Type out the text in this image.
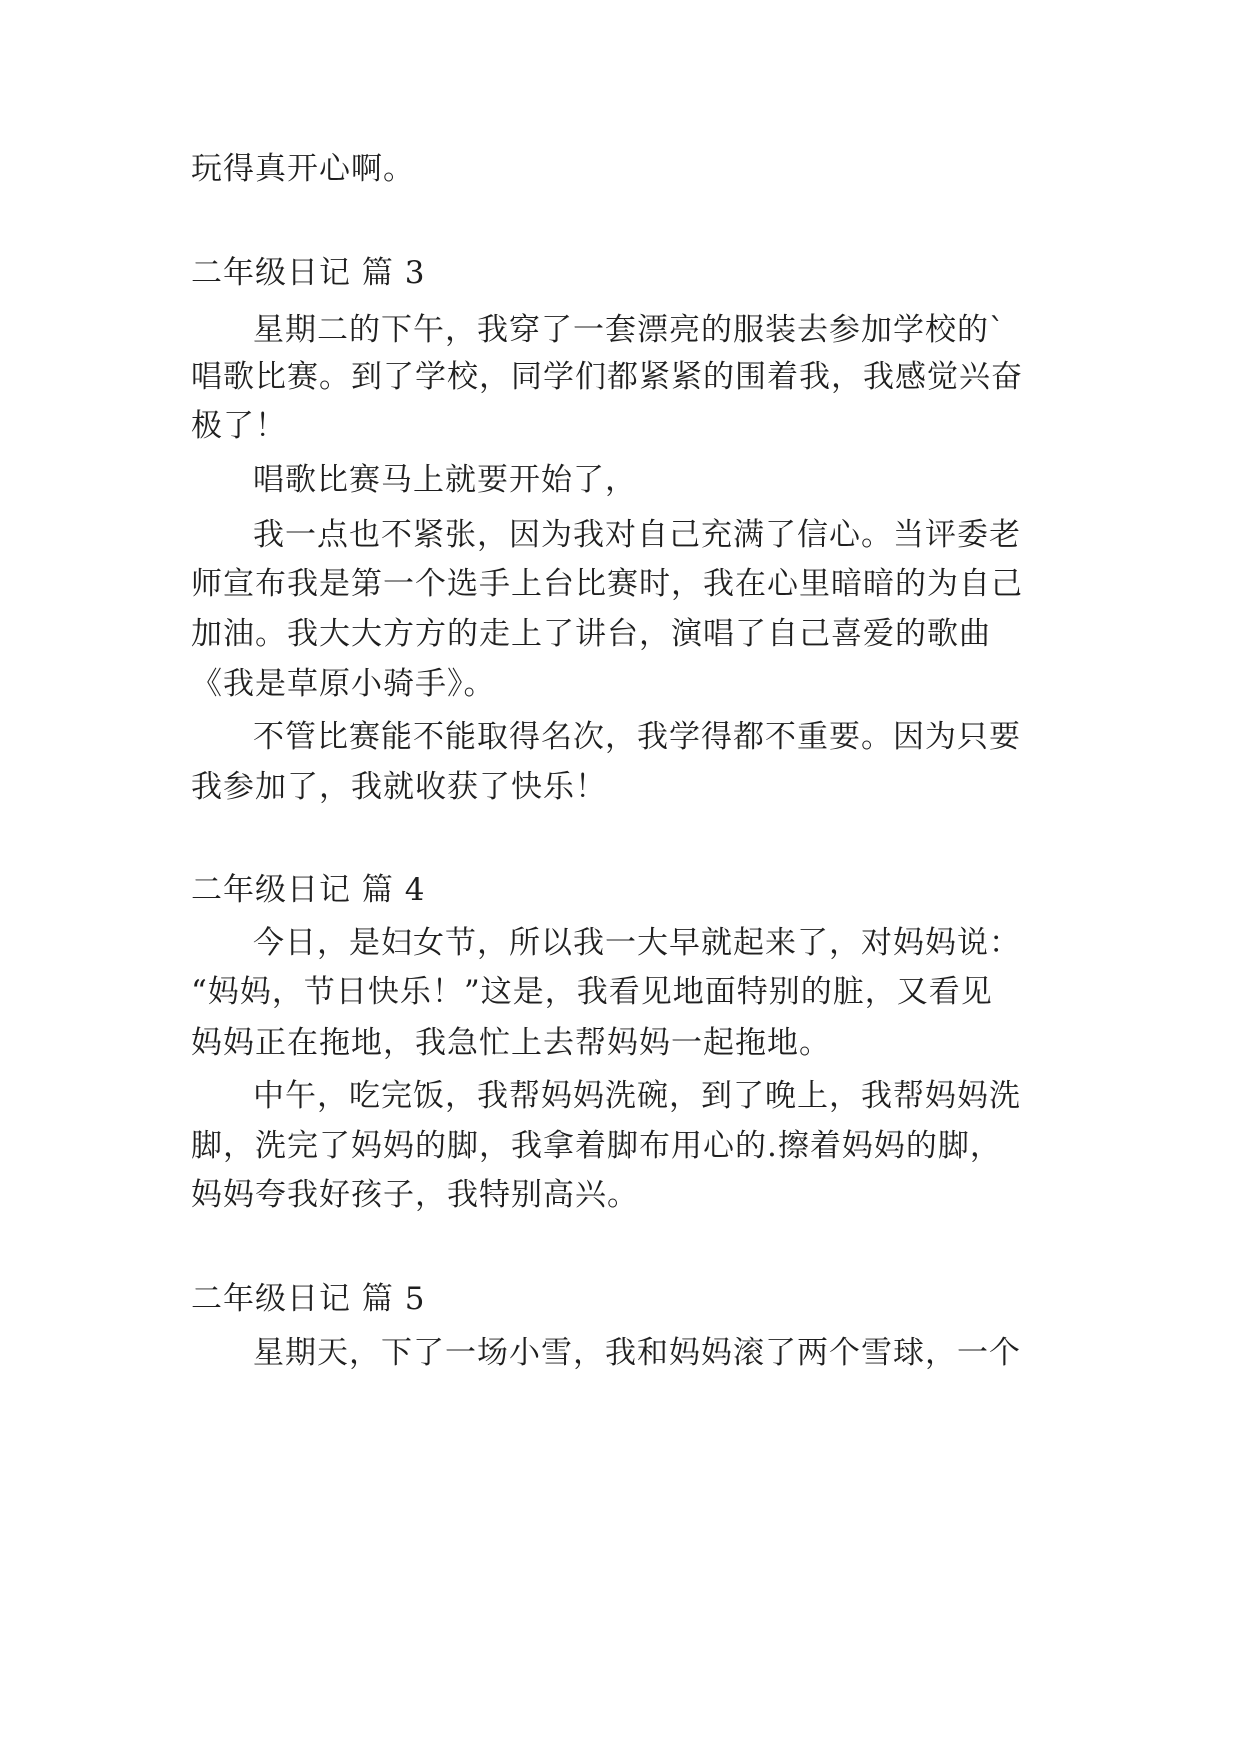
玩得真开心啊。
二年级日记 篇 3
星期二的下午，我穿了一套漂亮的服装去参加学校的`
唱歌比赛。到了学校，同学们都紧紧的围着我，我感觉兴奋
极了！
唱歌比赛马上就要开始了，
我一点也不紧张，因为我对自己充满了信心。当评委老
师宣布我是第一个选手上台比赛时，我在心里暗暗的为自己
加油。我大大方方的走上了讲台，演唱了自己喜爱的歌曲
《我是草原小骑手》。
不管比赛能不能取得名次，我学得都不重要。因为只要
我参加了，我就收获了快乐！
二年级日记 篇 4
今日，是妇女节，所以我一大早就起来了，对妈妈说：
“妈妈，节日快乐！”这是，我看见地面特别的脏，又看见
妈妈正在拖地，我急忙上去帮妈妈一起拖地。
中午，吃完饭，我帮妈妈洗碗，到了晚上，我帮妈妈洗
脚，洗完了妈妈的脚，我拿着脚布用心的.擦着妈妈的脚，
妈妈夸我好孩子，我特别高兴。
二年级日记 篇 5
星期天，下了一场小雪，我和妈妈滚了两个雪球，一个
